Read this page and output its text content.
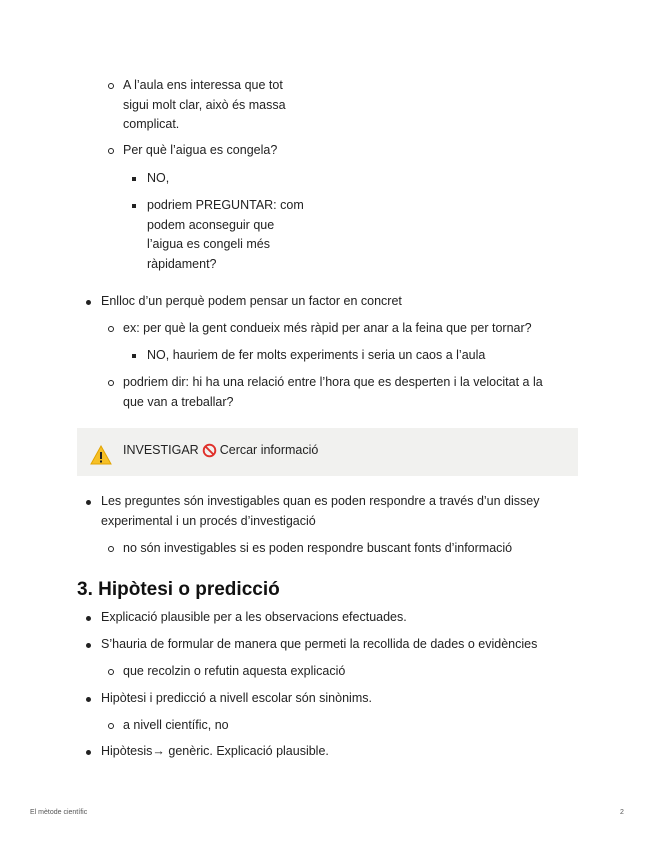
A l’aula ens interessa que tot
sigui molt clar, això és massa
complicat.
Per què l’aigua es congela?
NO,
podriem PREGUNTAR: com
podem aconseguir que
l’aigua es congeli més
ràpidament?
Enlloc d’un perquè podem pensar un factor en concret
ex: per què la gent condueix més ràpid per anar a la feina que per tornar?
NO, hauriem de fer molts experiments i seria un caos a l’aula
podriem dir: hi ha una relació entre l’hora que es desperten i la velocitat a la
que van a treballar?
INVESTIGAR Cercar informació
Les preguntes són investigables quan es poden respondre a través d’un dissey
experimental i un procés d’investigació
no són investigables si es poden respondre buscant fonts d’informació
3. Hipòtesi o predicció
Explicació plausible per a les observacions efectuades.
S’hauria de formular de manera que permeti la recollida de dades o evidències
que recolzin o refutin aquesta explicació
Hipòtesi i predicció a nivell escolar són sinònims.
a nivell científic, no
Hipòtesis→ genèric. Explicació plausible.
El mètode científic	2
